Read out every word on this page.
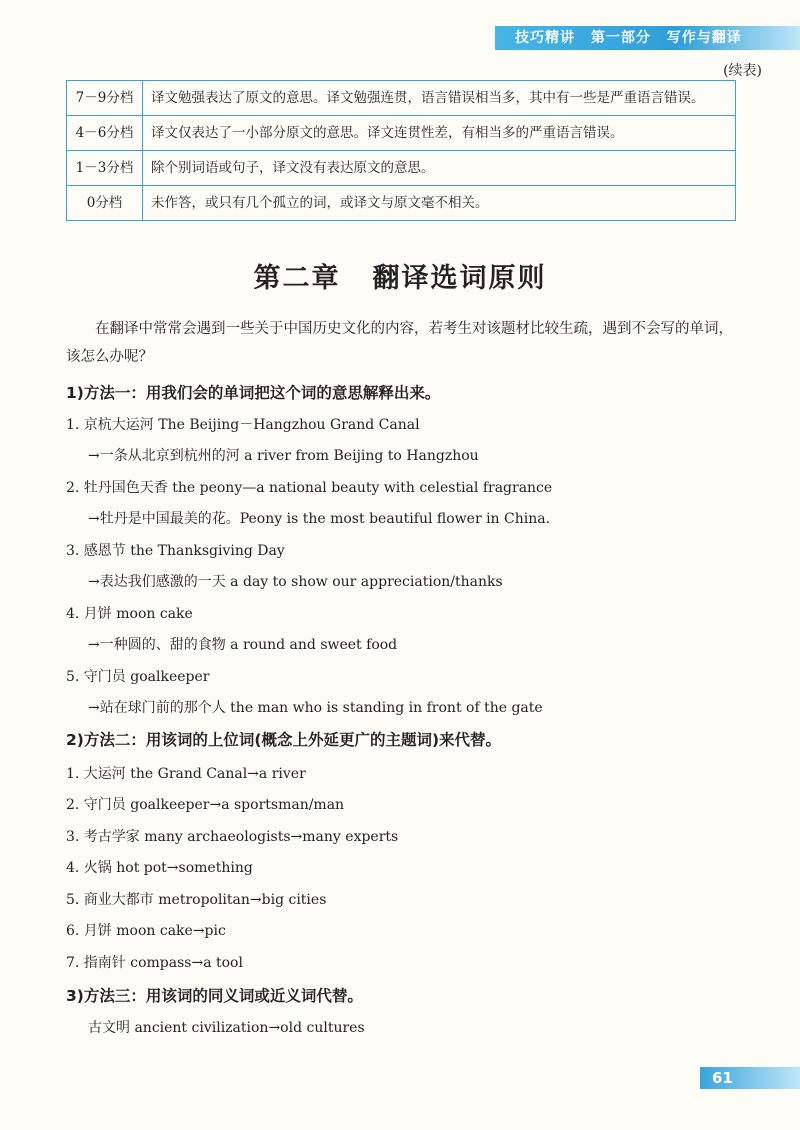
技巧精讲 第一部分 写作与翻译
(续表)
7－9分档	译文勉强表达了原文的意思。译文勉强连贯，语言错误相当多，其中有一些是严重语言错误。
4－6分档	译文仅表达了一小部分原文的意思。译文连贯性差，有相当多的严重语言错误。
1－3分档	除个别词语或句子，译文没有表达原文的意思。
0分档	未作答，或只有几个孤立的词，或译文与原文毫不相关。
第二章 翻译选词原则
在翻译中常常会遇到一些关于中国历史文化的内容，若考生对该题材比较生疏，遇到不会写的单词，该怎么办呢？
1)方法一：用我们会的单词把这个词的意思解释出来。
1. 京杭大运河 The Beijing－Hangzhou Grand Canal
→一条从北京到杭州的河 a river from Beijing to Hangzhou
2. 牡丹国色天香 the peony—a national beauty with celestial fragrance
→牡丹是中国最美的花。Peony is the most beautiful flower in China.
3. 感恩节 the Thanksgiving Day
→表达我们感激的一天 a day to show our appreciation/thanks
4. 月饼 moon cake
→一种圆的、甜的食物 a round and sweet food
5. 守门员 goalkeeper
→站在球门前的那个人 the man who is standing in front of the gate
2)方法二：用该词的上位词(概念上外延更广的主题词)来代替。
1. 大运河 the Grand Canal→a river
2. 守门员 goalkeeper→a sportsman/man
3. 考古学家 many archaeologists→many experts
4. 火锅 hot pot→something
5. 商业大都市 metropolitan→big cities
6. 月饼 moon cake→pic
7. 指南针 compass→a tool
3)方法三：用该词的同义词或近义词代替。
古文明 ancient civilization→old cultures
61
